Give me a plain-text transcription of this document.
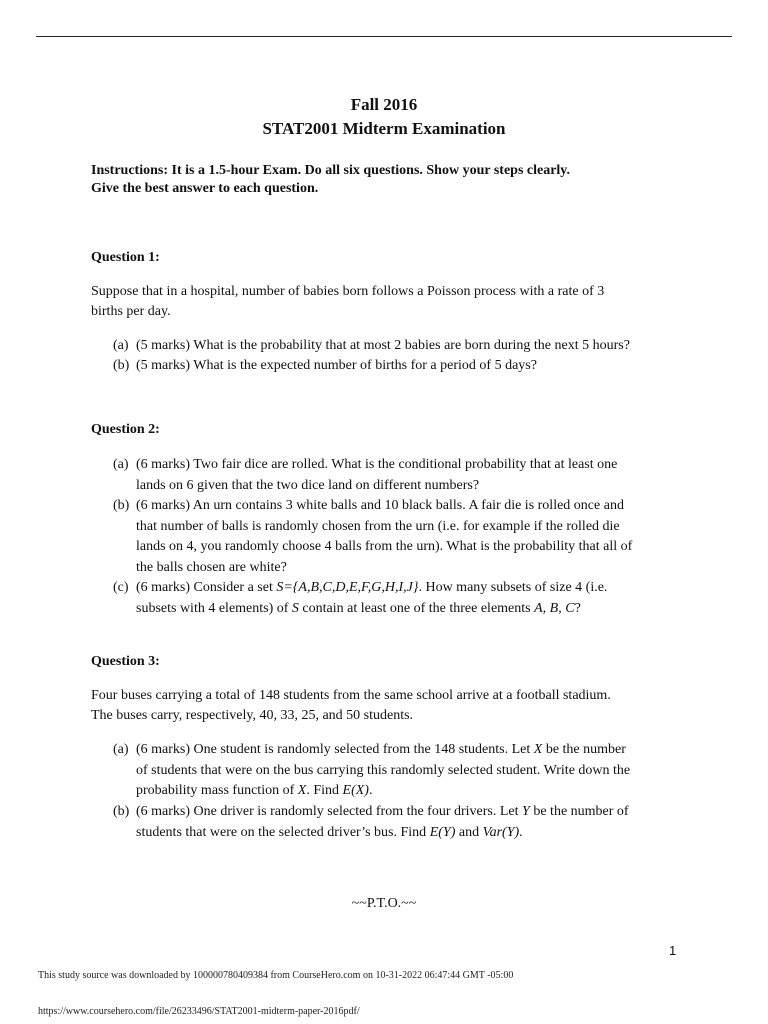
Fall 2016
STAT2001 Midterm Examination
Instructions: It is a 1.5-hour Exam. Do all six questions. Show your steps clearly.
Give the best answer to each question.
Question 1:
Suppose that in a hospital, number of babies born follows a Poisson process with a rate of 3
births per day.
(a) (5 marks) What is the probability that at most 2 babies are born during the next 5 hours?
(b) (5 marks) What is the expected number of births for a period of 5 days?
Question 2:
(a) (6 marks) Two fair dice are rolled. What is the conditional probability that at least one
lands on 6 given that the two dice land on different numbers?
(b) (6 marks) An urn contains 3 white balls and 10 black balls. A fair die is rolled once and
that number of balls is randomly chosen from the urn (i.e. for example if the rolled die
lands on 4, you randomly choose 4 balls from the urn). What is the probability that all of
the balls chosen are white?
(c) (6 marks) Consider a set S={A,B,C,D,E,F,G,H,I,J}. How many subsets of size 4 (i.e.
subsets with 4 elements) of S contain at least one of the three elements A, B, C?
Question 3:
Four buses carrying a total of 148 students from the same school arrive at a football stadium.
The buses carry, respectively, 40, 33, 25, and 50 students.
(a) (6 marks) One student is randomly selected from the 148 students. Let X be the number
of students that were on the bus carrying this randomly selected student. Write down the
probability mass function of X. Find E(X).
(b) (6 marks) One driver is randomly selected from the four drivers. Let Y be the number of
students that were on the selected driver’s bus. Find E(Y) and Var(Y).
~~P.T.O.~~
1
This study source was downloaded by 100000780409384 from CourseHero.com on 10-31-2022 06:47:44 GMT -05:00
https://www.coursehero.com/file/26233496/STAT2001-midterm-paper-2016pdf/
